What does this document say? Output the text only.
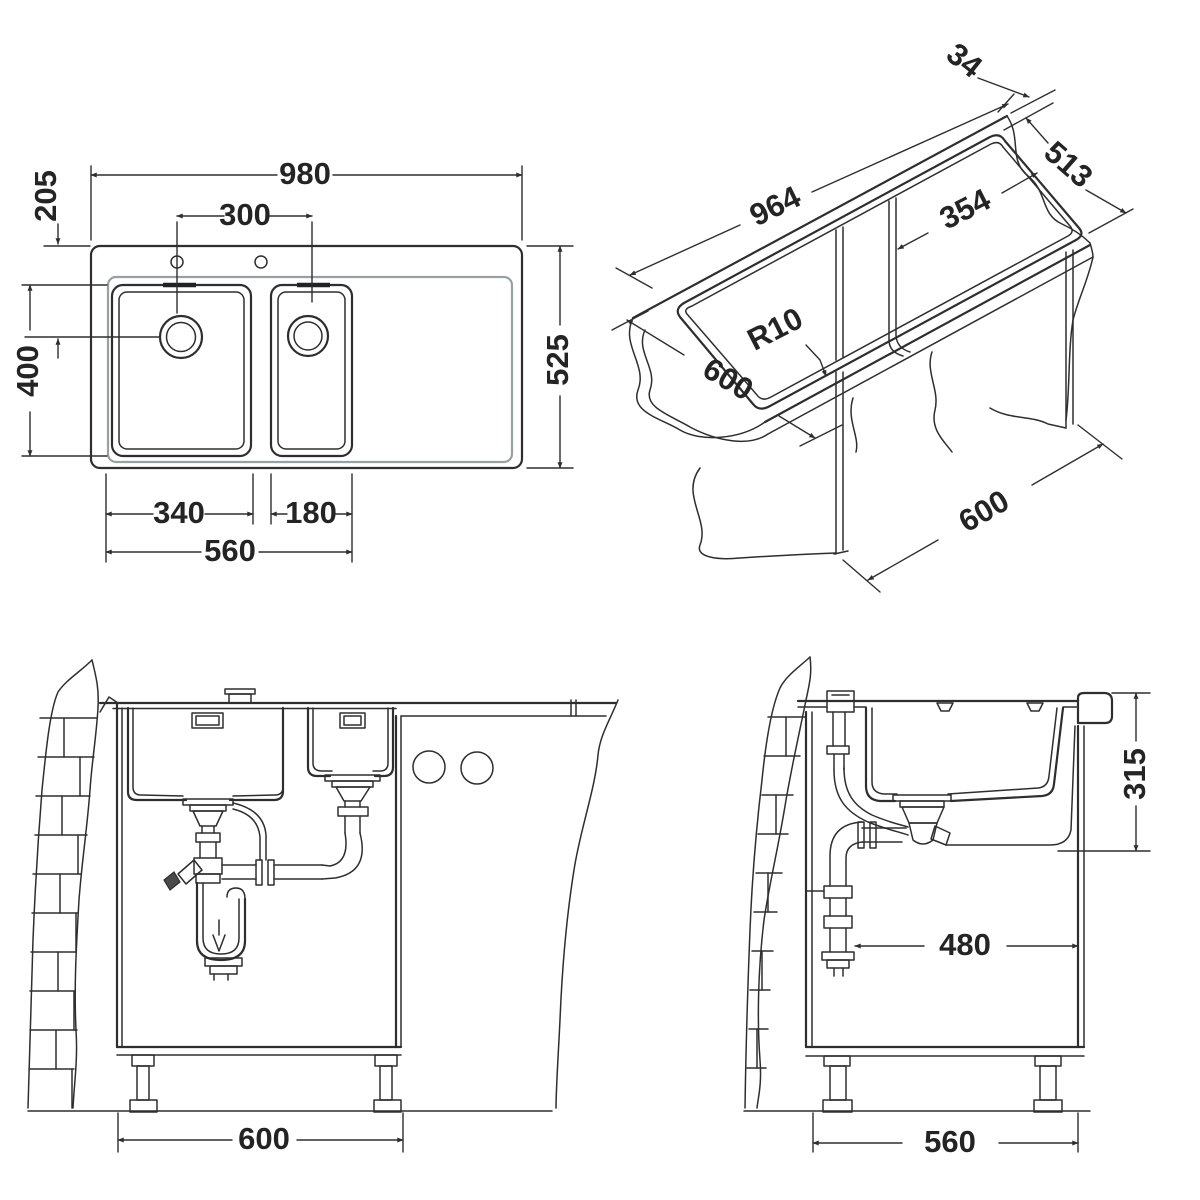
980
525
205
400
300
340	180
560
964	354
34
513
R10
600
600
600
315
480
560
